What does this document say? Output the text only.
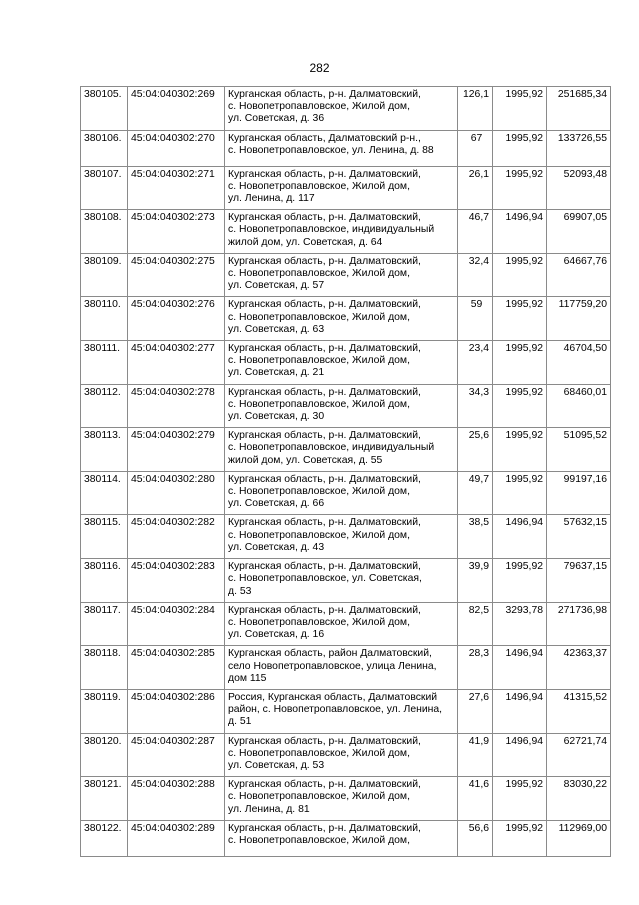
282
380105.	45:04:040302:269	Курганская область, р-н. Далматовский,
с. Новопетропавловское, Жилой дом,
ул. Советская, д. 36	126,1	1995,92	251685,34
380106.	45:04:040302:270	Курганская область, Далматовский р-н.,
с. Новопетропавловское, ул. Ленина, д. 88	67	1995,92	133726,55
380107.	45:04:040302:271	Курганская область, р-н. Далматовский,
с. Новопетропавловское, Жилой дом,
ул. Ленина, д. 117	26,1	1995,92	52093,48
380108.	45:04:040302:273	Курганская область, р-н. Далматовский,
с. Новопетропавловское, индивидуальный
жилой дом, ул. Советская, д. 64	46,7	1496,94	69907,05
380109.	45:04:040302:275	Курганская область, р-н. Далматовский,
с. Новопетропавловское, Жилой дом,
ул. Советская, д. 57	32,4	1995,92	64667,76
380110.	45:04:040302:276	Курганская область, р-н. Далматовский,
с. Новопетропавловское, Жилой дом,
ул. Советская, д. 63	59	1995,92	117759,20
380111.	45:04:040302:277	Курганская область, р-н. Далматовский,
с. Новопетропавловское, Жилой дом,
ул. Советская, д. 21	23,4	1995,92	46704,50
380112.	45:04:040302:278	Курганская область, р-н. Далматовский,
с. Новопетропавловское, Жилой дом,
ул. Советская, д. 30	34,3	1995,92	68460,01
380113.	45:04:040302:279	Курганская область, р-н. Далматовский,
с. Новопетропавловское, индивидуальный
жилой дом, ул. Советская, д. 55	25,6	1995,92	51095,52
380114.	45:04:040302:280	Курганская область, р-н. Далматовский,
с. Новопетропавловское, Жилой дом,
ул. Советская, д. 66	49,7	1995,92	99197,16
380115.	45:04:040302:282	Курганская область, р-н. Далматовский,
с. Новопетропавловское, Жилой дом,
ул. Советская, д. 43	38,5	1496,94	57632,15
380116.	45:04:040302:283	Курганская область, р-н. Далматовский,
с. Новопетропавловское, ул. Советская,
д. 53	39,9	1995,92	79637,15
380117.	45:04:040302:284	Курганская область, р-н. Далматовский,
с. Новопетропавловское, Жилой дом,
ул. Советская, д. 16	82,5	3293,78	271736,98
380118.	45:04:040302:285	Курганская область, район Далматовский,
село Новопетропавловское, улица Ленина,
дом 115	28,3	1496,94	42363,37
380119.	45:04:040302:286	Россия, Курганская область, Далматовский
район, с. Новопетропавловское, ул. Ленина,
д. 51	27,6	1496,94	41315,52
380120.	45:04:040302:287	Курганская область, р-н. Далматовский,
с. Новопетропавловское, Жилой дом,
ул. Советская, д. 53	41,9	1496,94	62721,74
380121.	45:04:040302:288	Курганская область, р-н. Далматовский,
с. Новопетропавловское, Жилой дом,
ул. Ленина, д. 81	41,6	1995,92	83030,22
380122.	45:04:040302:289	Курганская область, р-н. Далматовский,
с. Новопетропавловское, Жилой дом,	56,6	1995,92	112969,00
